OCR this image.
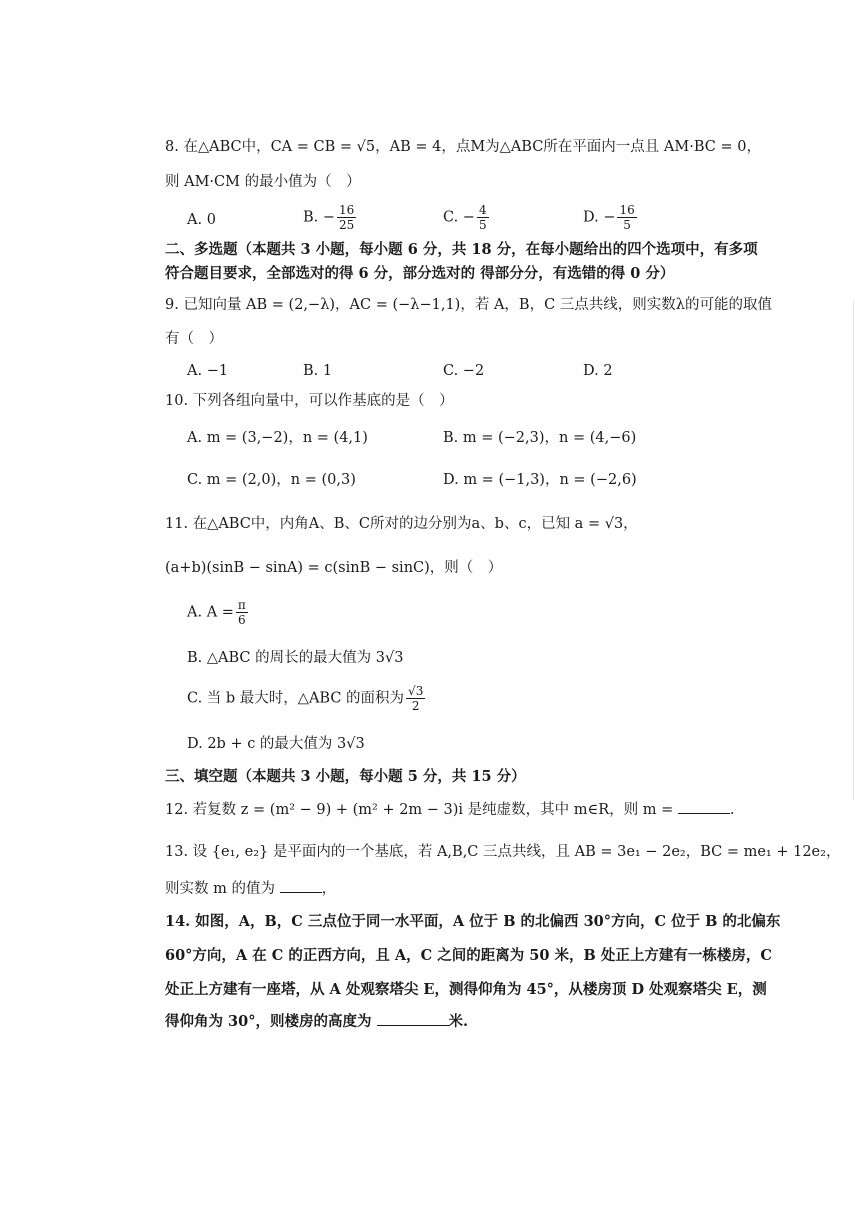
8. 在△ABC中，CA = CB = √5，AB = 4，点M为△ABC所在平面内一点且 AM·BC = 0，
则 AM·CM 的最小值为（　）
A. 0	B. − $\frac{16}{25}$	C. − $\frac{4}{5}$	D. − $\frac{16}{5}$
二、多选题（本题共 3 小题，每小题 6 分，共 18 分，在每小题给出的四个选项中，有多项
符合题目要求，全部选对的得 6 分，部分选对的 得部分分，有选错的得 0 分）
9. 已知向量 AB = (2,−λ)，AC = (−λ−1,1)，若 A，B，C 三点共线，则实数λ的可能的取值
有（　）
A. −1	B. 1	C. −2	D. 2
10. 下列各组向量中，可以作基底的是（　）
A. m = (3,−2)，n = (4,1)	B. m = (−2,3)，n = (4,−6)
C. m = (2,0)，n = (0,3)	D. m = (−1,3)，n = (−2,6)
11. 在△ABC中，内角A、B、C所对的边分别为a、b、c，已知 a = √3，
(a+b)(sinB − sinA) = c(sinB − sinC)，则（　）
A. $A = \frac{\pi}{6}$
B. △ABC 的周长的最大值为 3√3
C. 当 b 最大时，△ABC 的面积为 $\frac{√3}{2}$
D. 2b + c 的最大值为 3√3
三、填空题（本题共 3 小题，每小题 5 分，共 15 分）
12. 若复数 z = (m² − 9) + (m² + 2m − 3)i 是纯虚数，其中 m∈R，则 m =	.
13. 设 {e₁, e₂} 是平面内的一个基底，若 A,B,C 三点共线，且 AB = 3e₁ − 2e₂，BC = me₁ + 12e₂，
则实数 m 的值为	，
14. 如图，A，B，C 三点位于同一水平面，A 位于 B 的北偏西 30°方向，C 位于 B 的北偏东
60°方向，A 在 C 的正西方向，且 A，C 之间的距离为 50 米，B 处正上方建有一栋楼房，C
处正上方建有一座塔，从 A 处观察塔尖 E，测得仰角为 45°，从楼房顶 D 处观察塔尖 E，测
得仰角为 30°，则楼房的高度为	米.
